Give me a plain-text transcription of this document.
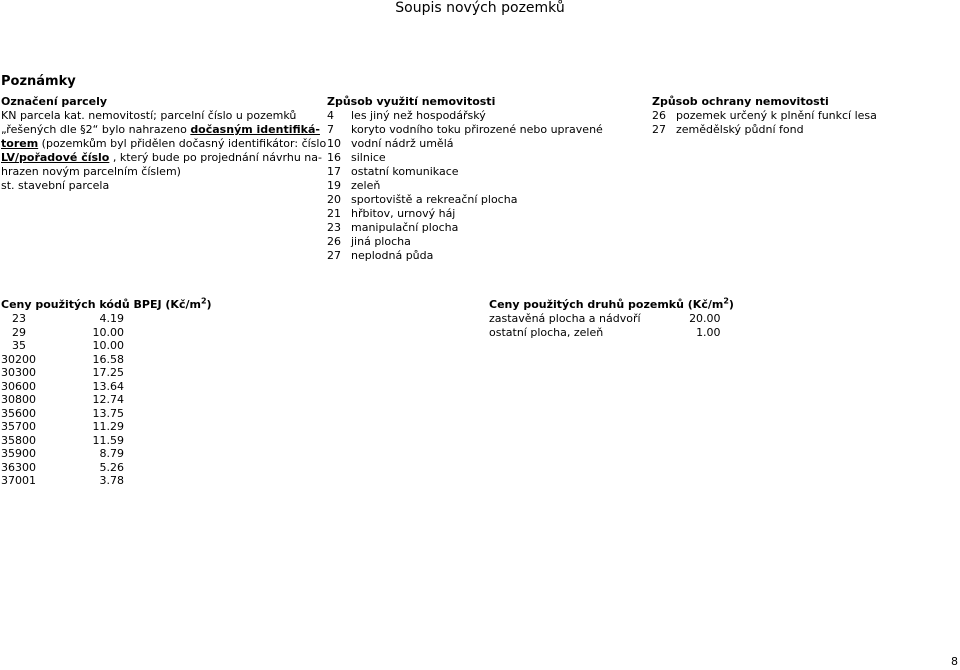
Soupis nových pozemků
Poznámky
Označení parcely
KN parcela kat. nemovitostí; parcelní číslo u pozemků
„řešených dle §2“ bylo nahrazeno dočasným identifiká-
torem (pozemkům byl přidělen dočasný identifikátor: číslo
LV/pořadové číslo , který bude po projednání návrhu na-
hrazen novým parcelním číslem)
st. stavební parcela
Způsob využití nemovitosti
4	les jiný než hospodářský
7	koryto vodního toku přirozené nebo upravené
10 vodní nádrž umělá
16 silnice
17 ostatní komunikace
19 zeleň
20 sportoviště a rekreační plocha
21 hřbitov, urnový háj
23 manipulační plocha
26 jiná plocha
27 neplodná půda
Způsob ochrany nemovitosti
26 pozemek určený k plnění funkcí lesa
27 zemědělský půdní fond
Ceny použitých kódů BPEJ $(Kč/m^2)$
23	4.19
29	10.00
35	10.00
30200	16.58
30300	17.25
30600	13.64
30800	12.74
35600	13.75
35700	11.29
35800	11.59
35900	8.79
36300	5.26
37001	3.78
Ceny použitých druhů pozemků $(Kč/m^2)$
zastavěná plocha a nádvoří	20.00
ostatní plocha, zeleň	1.00
8
